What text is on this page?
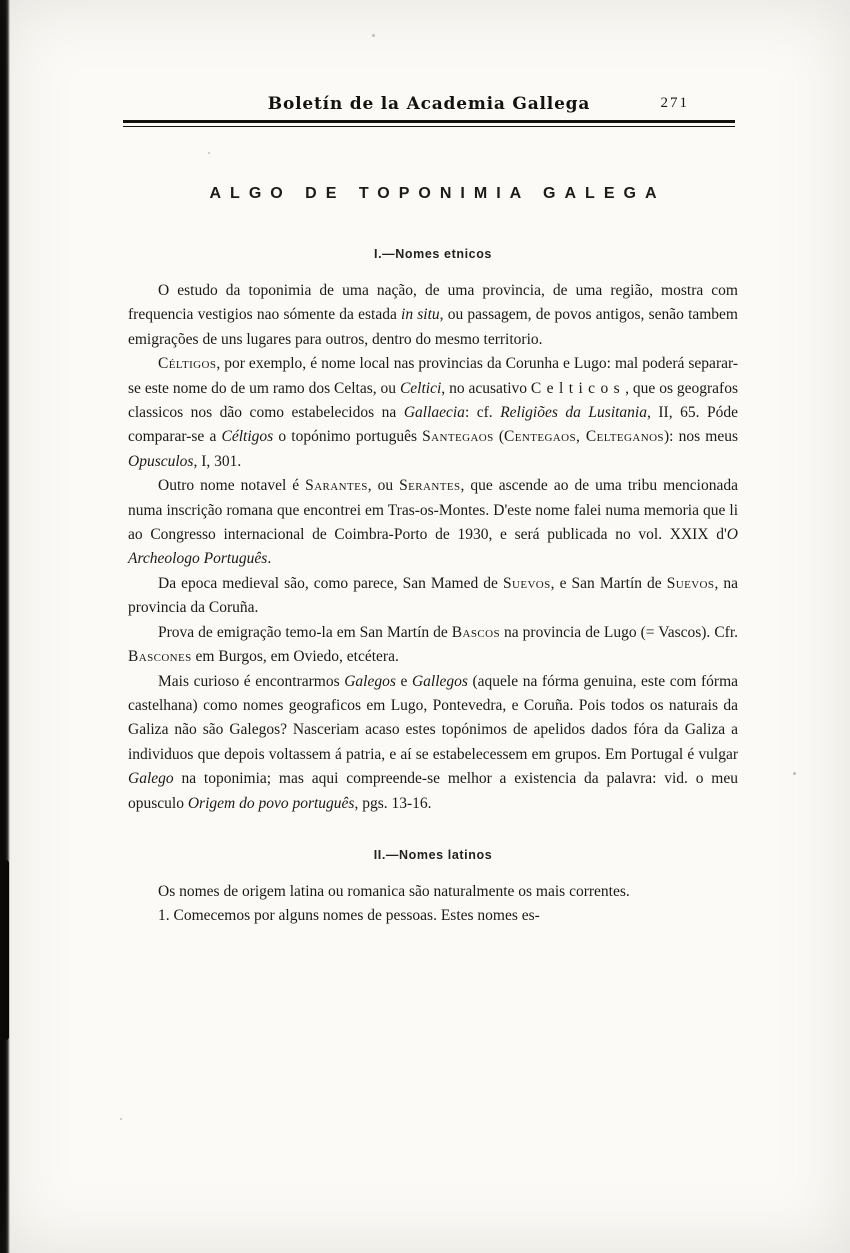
Boletín de la Academia Gallega	271
ALGO DE TOPONIMIA GALEGA
I.—Nomes etnicos

O estudo da toponimia de uma nação, de uma provincia, de uma região, mostra com frequencia vestigios nao sómente da estada in situ, ou passagem, de povos antigos, senão tambem emigrações de uns lugares para outros, dentro do mesmo territorio.

Céltigos, por exemplo, é nome local nas provincias da Corunha e Lugo: mal poderá separar-se este nome do de um ramo dos Celtas, ou Celtici, no acusativo Celticos, que os geografos classicos nos dão como estabelecidos na Gallaecia: cf. Religiões da Lusitania, II, 65. Póde comparar-se a Céltigos o topónimo português Santegaos (Centegaos, Celteganos): nos meus Opusculos, I, 301.

Outro nome notavel é Sarantes, ou Serantes, que ascende ao de uma tribu mencionada numa inscrição romana que encontrei em Tras-os-Montes. D'este nome falei numa memoria que li ao Congresso internacional de Coimbra-Porto de 1930, e será publicada no vol. XXIX d'O Archeologo Português.

Da epoca medieval são, como parece, San Mamed de Suevos, e San Martín de Suevos, na provincia da Coruña.

Prova de emigração temo-la em San Martín de Bascos na provincia de Lugo (= Vascos). Cfr. Bascones em Burgos, em Oviedo, etcétera.

Mais curioso é encontrarmos Galegos e Gallegos (aquele na fórma genuina, este com fórma castelhana) como nomes geograficos em Lugo, Pontevedra, e Coruña. Pois todos os naturais da Galiza não são Galegos? Nasceriam acaso estes topónimos de apelidos dados fóra da Galiza a individuos que depois voltassem á patria, e aí se estabelecessem em grupos. Em Portugal é vulgar Galego na toponimia; mas aqui compreende-se melhor a existencia da palavra: vid. o meu opusculo Origem do povo português, pgs. 13-16.

II.—Nomes latinos

Os nomes de origem latina ou romanica são naturalmente os mais correntes.

1. Comecemos por alguns nomes de pessoas. Estes nomes es-
